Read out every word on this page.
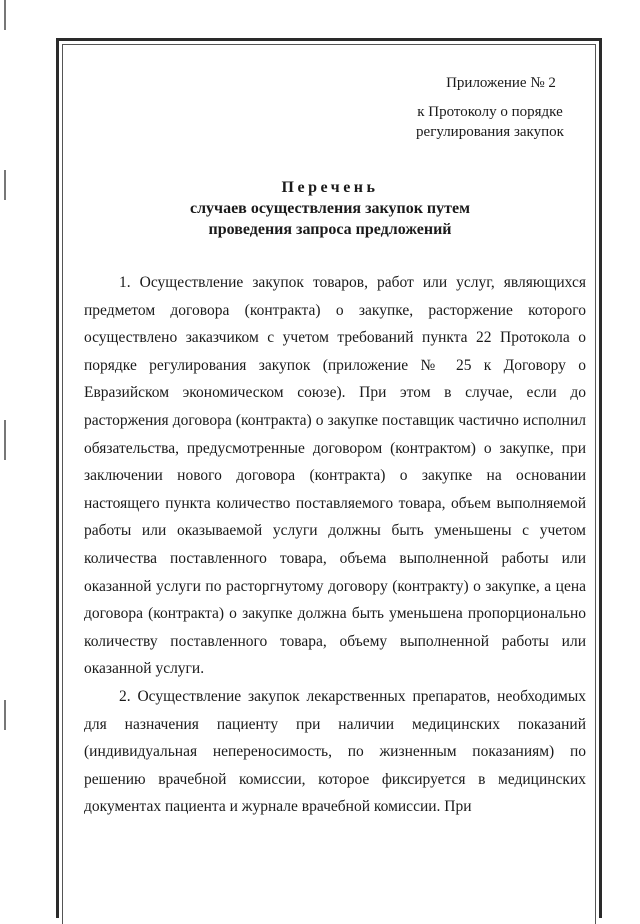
Приложение № 2
к Протоколу о порядке
регулирования закупок
Перечень
случаев осуществления закупок путем
проведения запроса предложений

1. Осуществление закупок товаров, работ или услуг, являющихся предметом договора (контракта) о закупке, расторжение которого осуществлено заказчиком с учетом требований пункта 22 Протокола о порядке регулирования закупок (приложение № 25 к Договору о Евразийском экономическом союзе). При этом в случае, если до расторжения договора (контракта) о закупке поставщик частично исполнил обязательства, предусмотренные договором (контрактом) о закупке, при заключении нового договора (контракта) о закупке на основании настоящего пункта количество поставляемого товара, объем выполняемой работы или оказываемой услуги должны быть уменьшены с учетом количества поставленного товара, объема выполненной работы или оказанной услуги по расторгнутому договору (контракту) о закупке, а цена договора (контракта) о закупке должна быть уменьшена пропорционально количеству поставленного товара, объему выполненной работы или оказанной услуги.

2. Осуществление закупок лекарственных препаратов, необходимых для назначения пациенту при наличии медицинских показаний (индивидуальная непереносимость, по жизненным показаниям) по решению врачебной комиссии, которое фиксируется в медицинских документах пациента и журнале врачебной комиссии. При
